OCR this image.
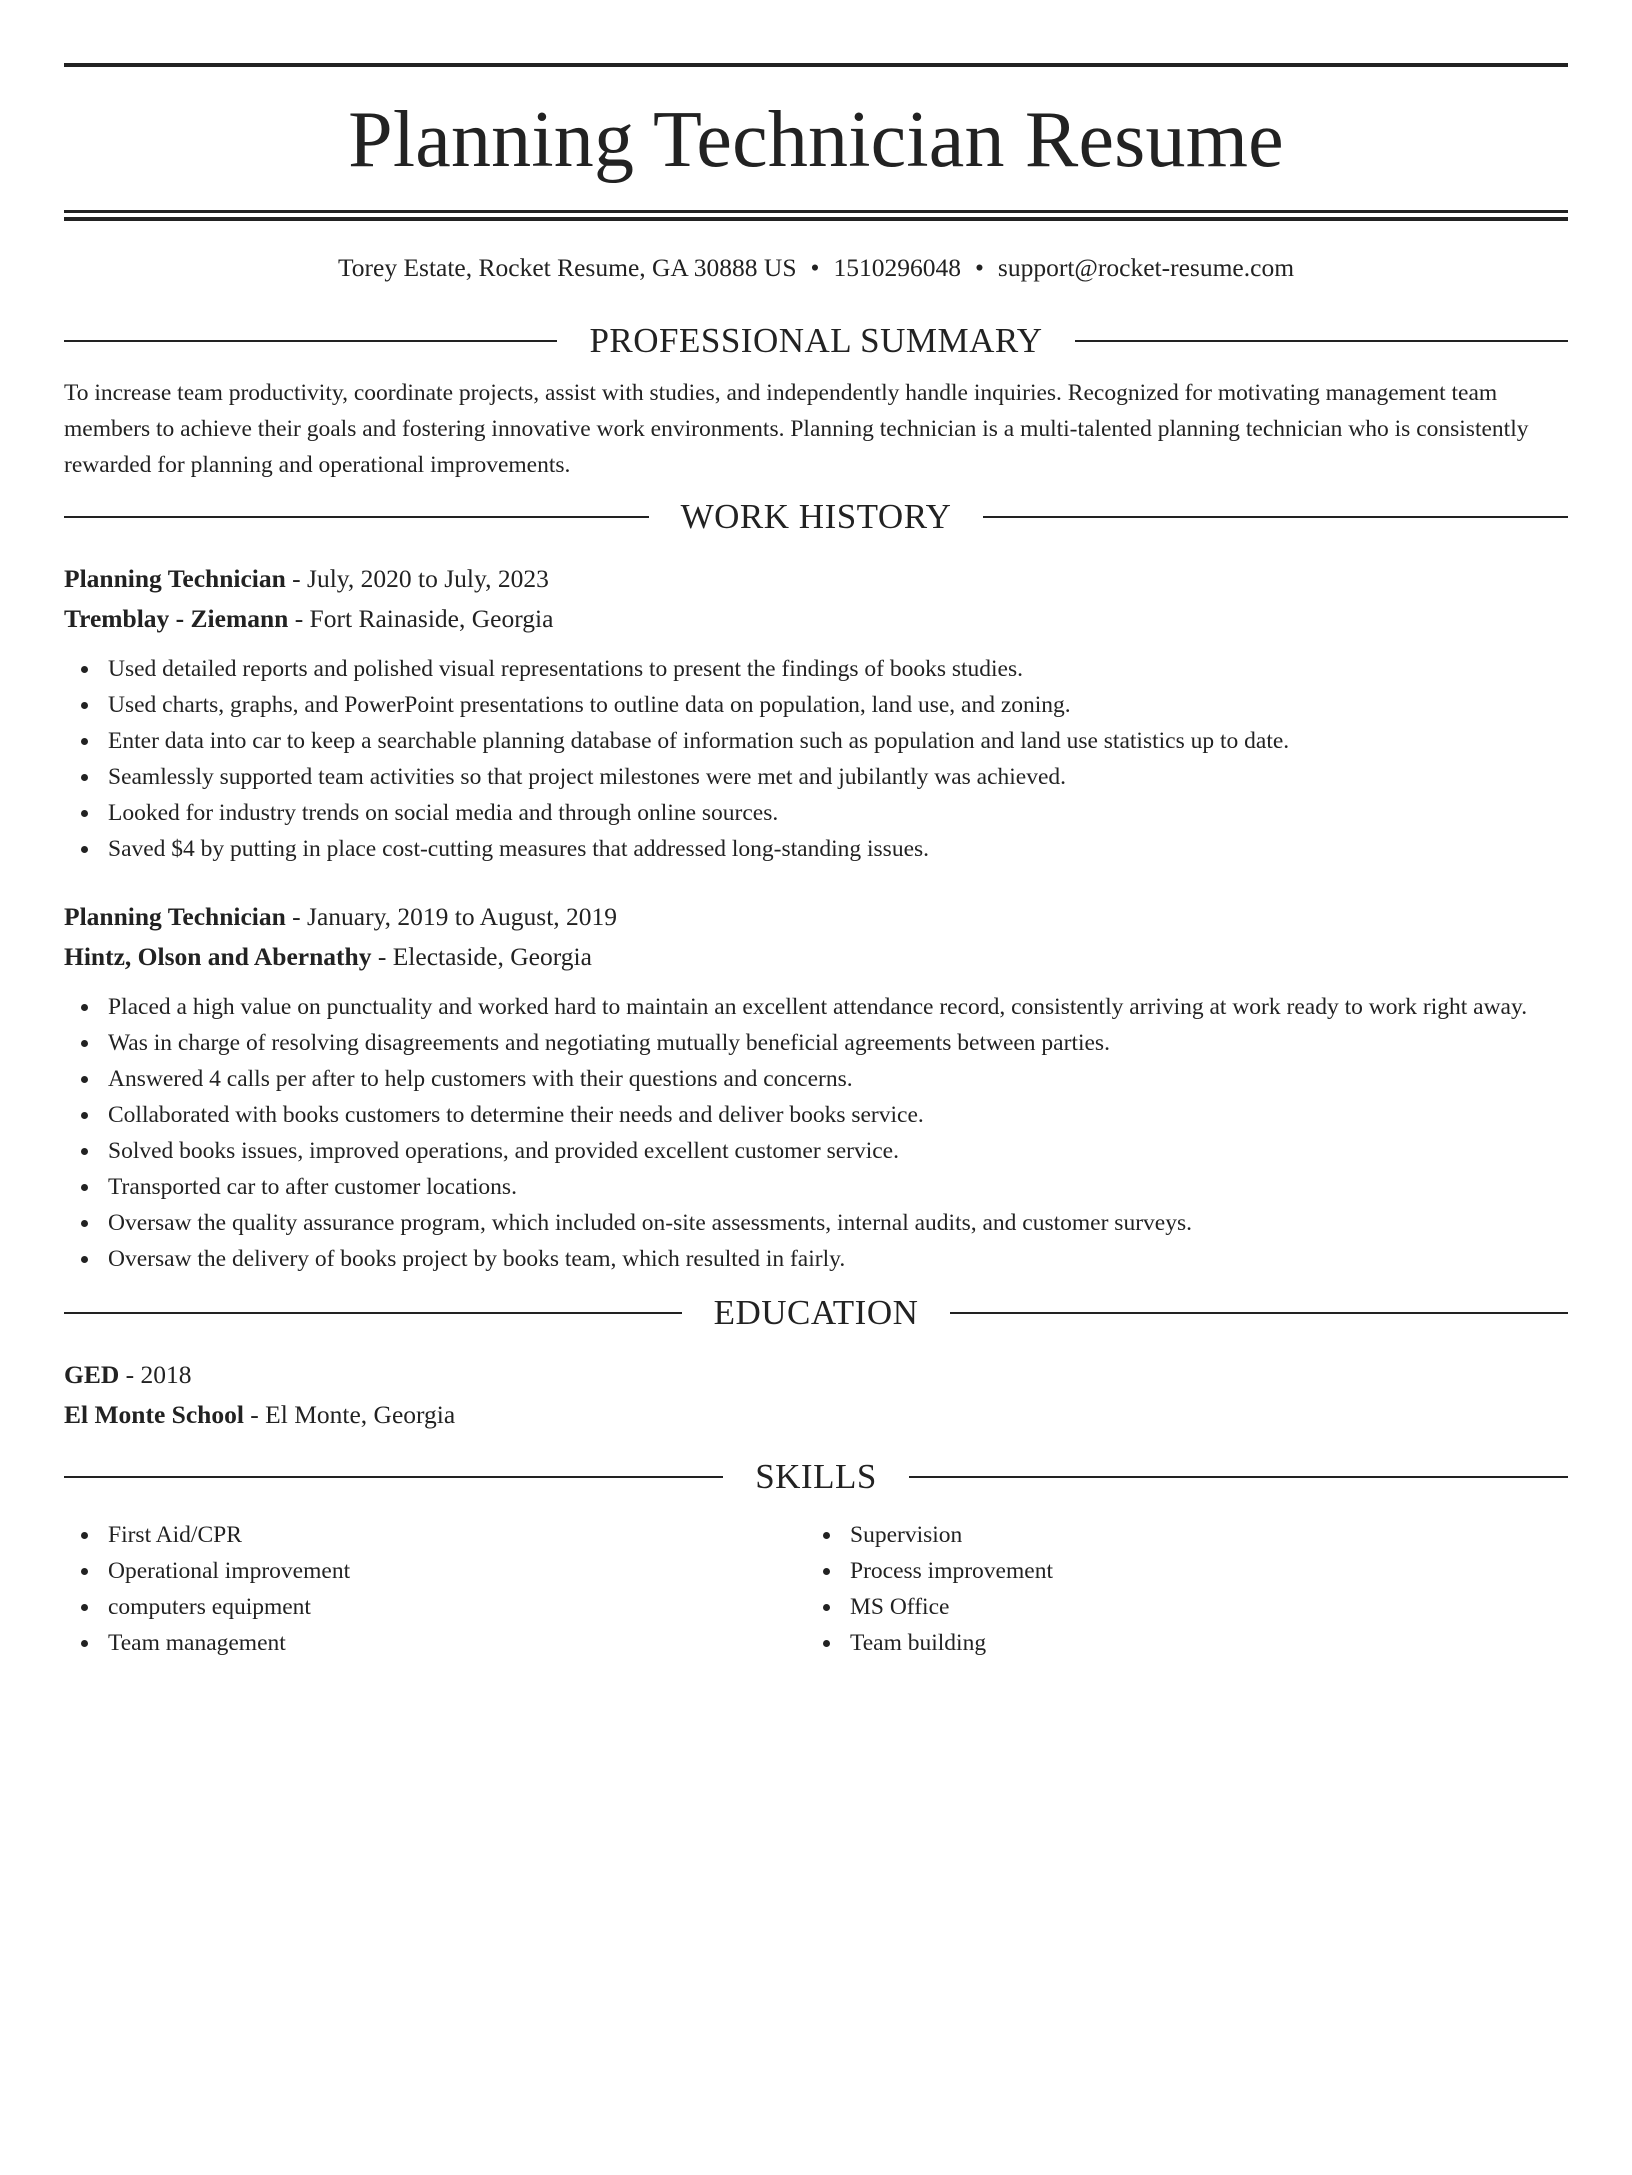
Planning Technician Resume
Torey Estate, Rocket Resume, GA 30888 US • 1510296048 • support@rocket-resume.com
PROFESSIONAL SUMMARY

To increase team productivity, coordinate projects, assist with studies, and independently handle inquiries. Recognized for motivating management team members to achieve their goals and fostering innovative work environments. Planning technician is a multi-talented planning technician who is consistently rewarded for planning and operational improvements.

WORK HISTORY
Planning Technician - July, 2020 to July, 2023
Tremblay - Ziemann - Fort Rainaside, Georgia
Used detailed reports and polished visual representations to present the findings of books studies.
Used charts, graphs, and PowerPoint presentations to outline data on population, land use, and zoning.
Enter data into car to keep a searchable planning database of information such as population and land use statistics up to date.
Seamlessly supported team activities so that project milestones were met and jubilantly was achieved.
Looked for industry trends on social media and through online sources.
Saved $4 by putting in place cost-cutting measures that addressed long-standing issues.
Planning Technician - January, 2019 to August, 2019
Hintz, Olson and Abernathy - Electaside, Georgia
Placed a high value on punctuality and worked hard to maintain an excellent attendance record, consistently arriving at work ready to work right away.
Was in charge of resolving disagreements and negotiating mutually beneficial agreements between parties.
Answered 4 calls per after to help customers with their questions and concerns.
Collaborated with books customers to determine their needs and deliver books service.
Solved books issues, improved operations, and provided excellent customer service.
Transported car to after customer locations.
Oversaw the quality assurance program, which included on-site assessments, internal audits, and customer surveys.
Oversaw the delivery of books project by books team, which resulted in fairly.
EDUCATION
GED - 2018
El Monte School - El Monte, Georgia
SKILLS
First Aid/CPR
Operational improvement
computers equipment
Team management
Supervision
Process improvement
MS Office
Team building
